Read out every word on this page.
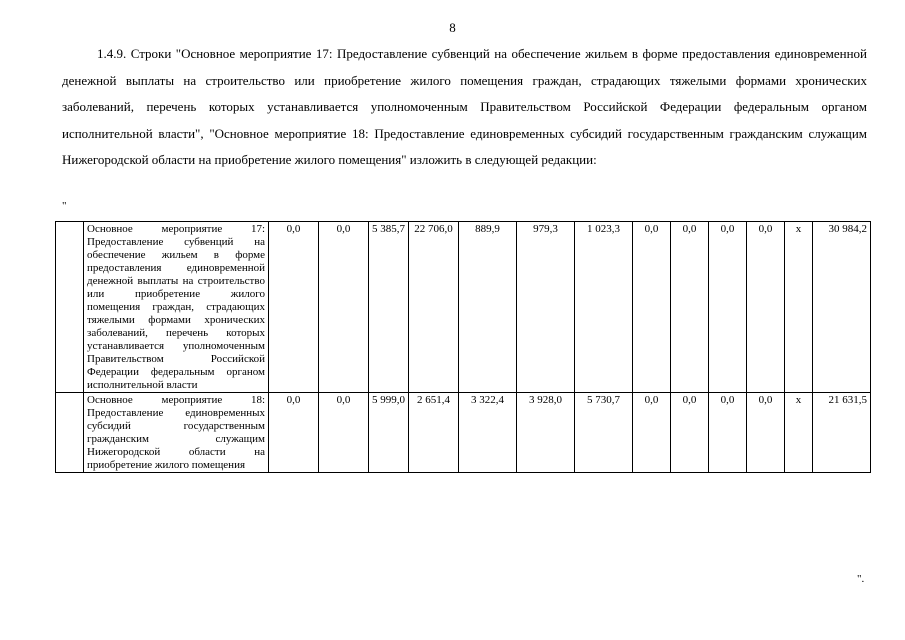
8

1.4.9. Строки "Основное мероприятие 17: Предоставление субвенций на обеспечение жильем в форме предоставления единовременной денежной выплаты на строительство или приобретение жилого помещения граждан, страдающих тяжелыми формами хронических заболеваний, перечень которых устанавливается уполномоченным Правительством Российской Федерации федеральным органом исполнительной власти", "Основное мероприятие 18: Предоставление единовременных субсидий государственным гражданским служащим Нижегородской области на приобретение жилого помещения" изложить в следующей редакции:

"
	Основное мероприятие 17: Предоставление субвенций на обеспечение жильем в форме предоставления единовременной денежной выплаты на строительство или приобретение жилого помещения граждан, страдающих тяжелыми формами хронических заболеваний, перечень которых устанавливается уполномоченным Правительством Российской Федерации федеральным органом исполнительной власти	0,0	0,0	5 385,7	22 706,0	889,9	979,3	1 023,3	0,0	0,0	0,0	0,0	х	30 984,2
	Основное мероприятие 18: Предоставление единовременных субсидий государственным гражданским служащим Нижегородской области на приобретение жилого помещения	0,0	0,0	5 999,0	2 651,4	3 322,4	3 928,0	5 730,7	0,0	0,0	0,0	0,0	х	21 631,5
".
